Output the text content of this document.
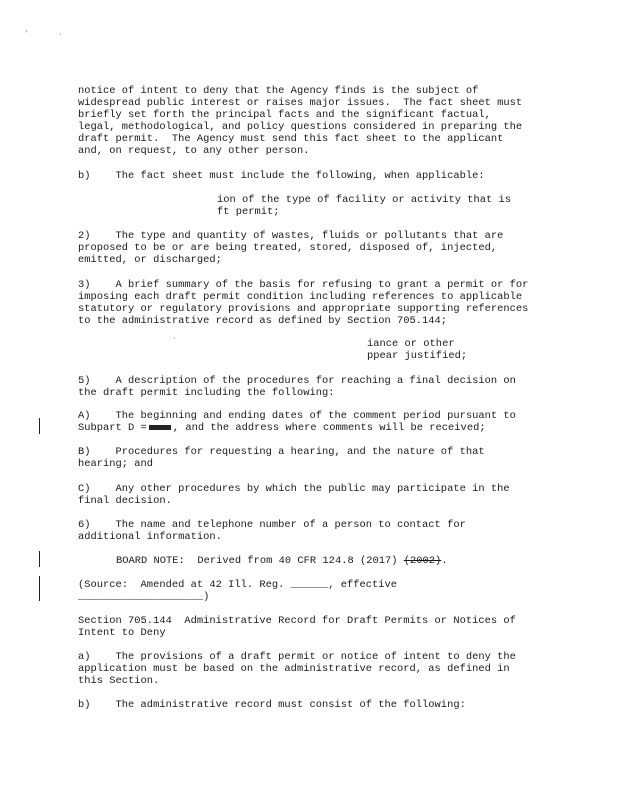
'	·
notice of intent to deny that the Agency finds is the subject of
widespread public interest or raises major issues.  The fact sheet must
briefly set forth the principal facts and the significant factual,
legal, methodological, and policy questions considered in preparing the
draft permit.  The Agency must send this fact sheet to the applicant
and, on request, to any other person.
b)    The fact sheet must include the following, when applicable:
ion of the type of facility or activity that is
ft permit;
2)    The type and quantity of wastes, fluids or pollutants that are
proposed to be or are being treated, stored, disposed of, injected,
emitted, or discharged;
3)    A brief summary of the basis for refusing to grant a permit or for
imposing each draft permit condition including references to applicable
statutory or regulatory provisions and appropriate supporting references
to the administrative record as defined by Section 705.144;
·	iance or other
ppear justified;
5)    A description of the procedures for reaching a final decision on
the draft permit including the following:
A)    The beginning and ending dates of the comment period pursuant to
Subpart D =	, and the address where comments will be received;
B)    Procedures for requesting a hearing, and the nature of that
hearing; and
C)    Any other procedures by which the public may participate in the
final decision.
6)    The name and telephone number of a person to contact for
additional information.
BOARD NOTE:  Derived from 40 CFR 124.8 (2017) (2002).
(Source:  Amended at 42 Ill. Reg. ______, effective
____________________)
Section 705.144  Administrative Record for Draft Permits or Notices of
Intent to Deny
a)    The provisions of a draft permit or notice of intent to deny the
application must be based on the administrative record, as defined in
this Section.
b)    The administrative record must consist of the following:
